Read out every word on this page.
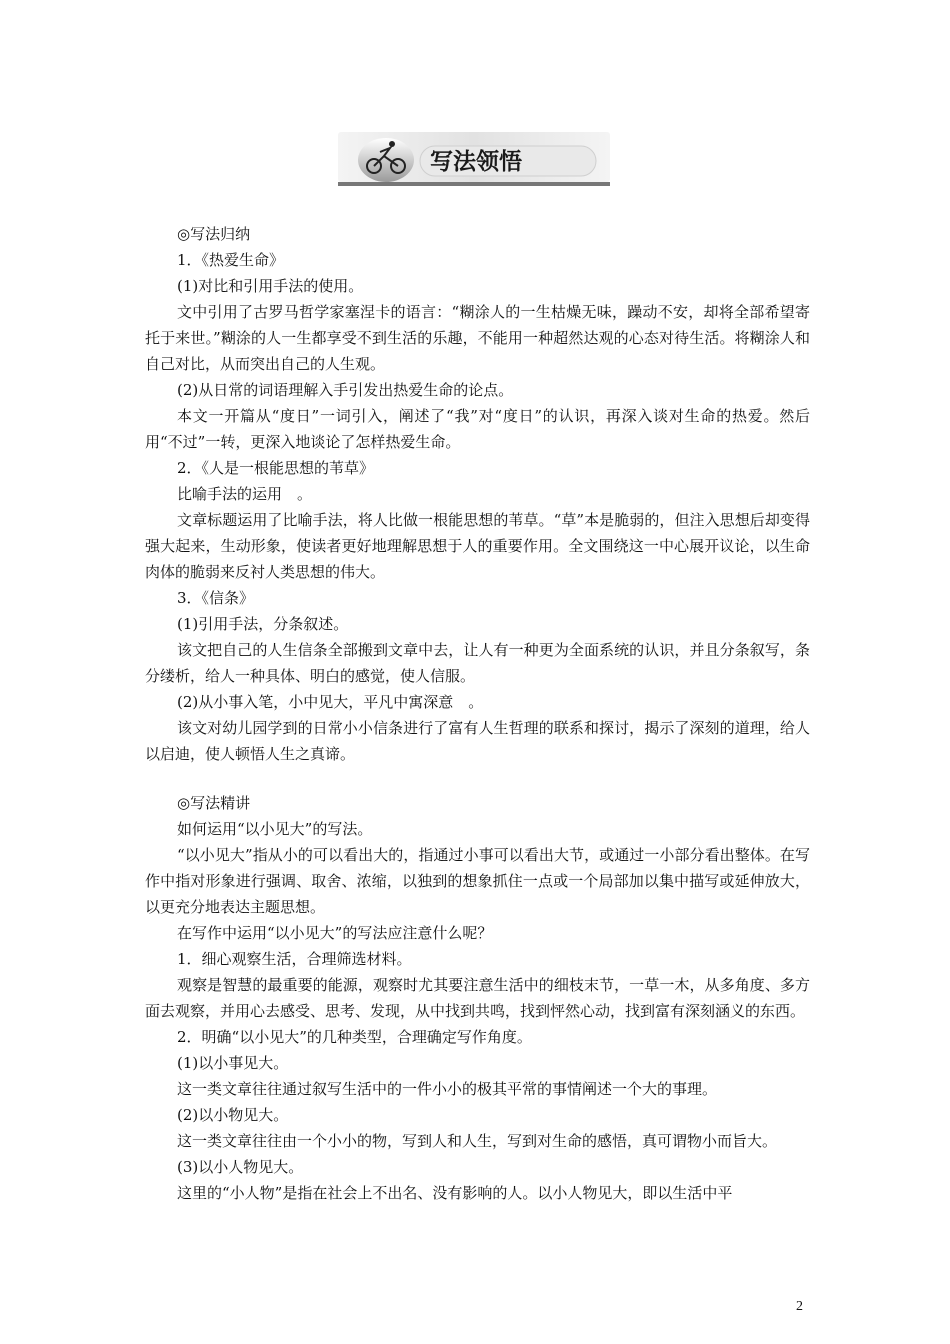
写法领悟

◎写法归纳

1．《热爱生命》

(1)对比和引用手法的使用。

文中引用了古罗马哲学家塞涅卡的语言：“糊涂人的一生枯燥无味，躁动不安，却将全部希望寄托于来世。”糊涂的人一生都享受不到生活的乐趣，不能用一种超然达观的心态对待生活。将糊涂人和自己对比，从而突出自己的人生观。

(2)从日常的词语理解入手引发出热爱生命的论点。

本文一开篇从“度日”一词引入，阐述了“我”对“度日”的认识，再深入谈对生命的热爱。然后用“不过”一转，更深入地谈论了怎样热爱生命。

2．《人是一根能思想的苇草》

比喻手法的运用　。

文章标题运用了比喻手法，将人比做一根能思想的苇草。“草”本是脆弱的，但注入思想后却变得强大起来，生动形象，使读者更好地理解思想于人的重要作用。全文围绕这一中心展开议论，以生命肉体的脆弱来反衬人类思想的伟大。

3．《信条》

(1)引用手法，分条叙述。

该文把自己的人生信条全部搬到文章中去，让人有一种更为全面系统的认识，并且分条叙写，条分缕析，给人一种具体、明白的感觉，使人信服。

(2)从小事入笔，小中见大，平凡中寓深意　。

该文对幼儿园学到的日常小小信条进行了富有人生哲理的联系和探讨，揭示了深刻的道理，给人以启迪，使人顿悟人生之真谛。

◎写法精讲

如何运用“以小见大”的写法。

“以小见大”指从小的可以看出大的，指通过小事可以看出大节，或通过一小部分看出整体。在写作中指对形象进行强调、取舍、浓缩，以独到的想象抓住一点或一个局部加以集中描写或延伸放大，以更充分地表达主题思想。

在写作中运用“以小见大”的写法应注意什么呢？

1．细心观察生活，合理筛选材料。

观察是智慧的最重要的能源，观察时尤其要注意生活中的细枝末节，一草一木，从多角度、多方面去观察，并用心去感受、思考、发现，从中找到共鸣，找到怦然心动，找到富有深刻涵义的东西。

2．明确“以小见大”的几种类型，合理确定写作角度。

(1)以小事见大。

这一类文章往往通过叙写生活中的一件小小的极其平常的事情阐述一个大的事理。

(2)以小物见大。

这一类文章往往由一个小小的物，写到人和人生，写到对生命的感悟，真可谓物小而旨大。

(3)以小人物见大。

这里的“小人物”是指在社会上不出名、没有影响的人。以小人物见大，即以生活中平

2
